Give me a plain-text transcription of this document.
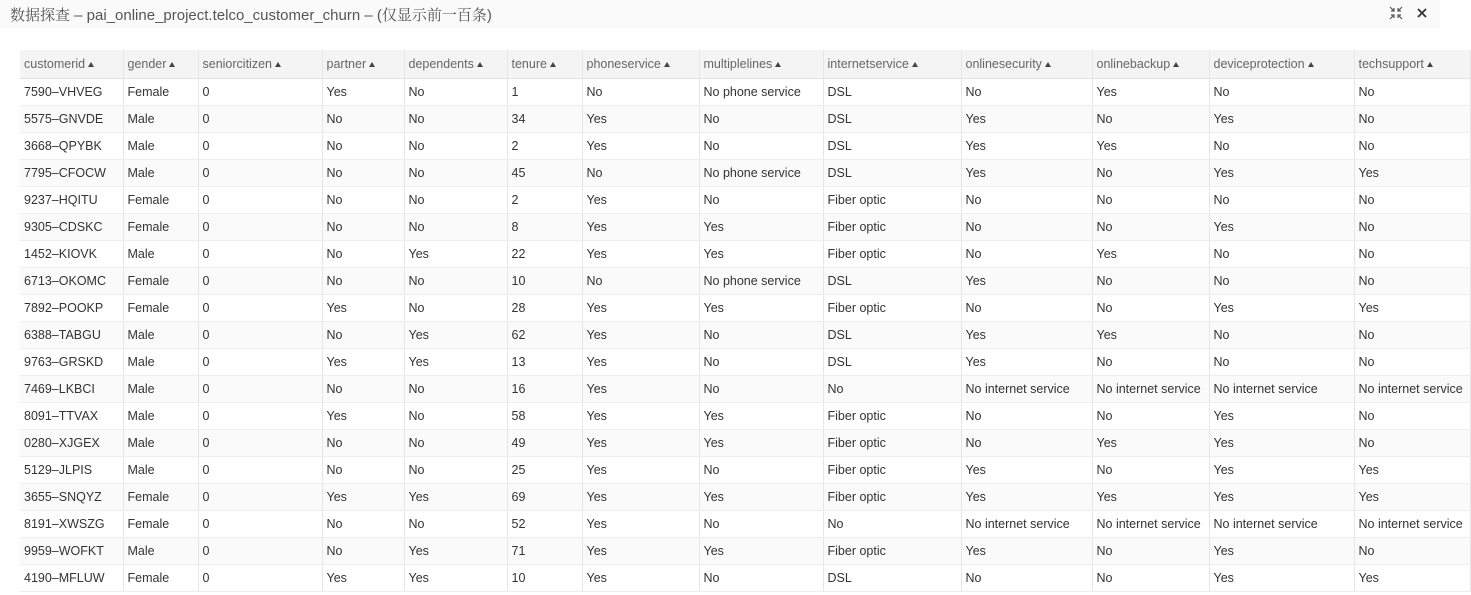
数据探查 – pai_online_project.telco_customer_churn – (仅显示前一百条)
customerid	gender	seniorcitizen	partner	dependents	tenure	phoneservice	multiplelines	internetservice	onlinesecurity	onlinebackup	deviceprotection	techsupport
7590–VHVEG	Female	0	Yes	No	1	No	No phone service	DSL	No	Yes	No	No
5575–GNVDE	Male	0	No	No	34	Yes	No	DSL	Yes	No	Yes	No
3668–QPYBK	Male	0	No	No	2	Yes	No	DSL	Yes	Yes	No	No
7795–CFOCW	Male	0	No	No	45	No	No phone service	DSL	Yes	No	Yes	Yes
9237–HQITU	Female	0	No	No	2	Yes	No	Fiber optic	No	No	No	No
9305–CDSKC	Female	0	No	No	8	Yes	Yes	Fiber optic	No	No	Yes	No
1452–KIOVK	Male	0	No	Yes	22	Yes	Yes	Fiber optic	No	Yes	No	No
6713–OKOMC	Female	0	No	No	10	No	No phone service	DSL	Yes	No	No	No
7892–POOKP	Female	0	Yes	No	28	Yes	Yes	Fiber optic	No	No	Yes	Yes
6388–TABGU	Male	0	No	Yes	62	Yes	No	DSL	Yes	Yes	No	No
9763–GRSKD	Male	0	Yes	Yes	13	Yes	No	DSL	Yes	No	No	No
7469–LKBCI	Male	0	No	No	16	Yes	No	No	No internet service	No internet service	No internet service	No internet service
8091–TTVAX	Male	0	Yes	No	58	Yes	Yes	Fiber optic	No	No	Yes	No
0280–XJGEX	Male	0	No	No	49	Yes	Yes	Fiber optic	No	Yes	Yes	No
5129–JLPIS	Male	0	No	No	25	Yes	No	Fiber optic	Yes	No	Yes	Yes
3655–SNQYZ	Female	0	Yes	Yes	69	Yes	Yes	Fiber optic	Yes	Yes	Yes	Yes
8191–XWSZG	Female	0	No	No	52	Yes	No	No	No internet service	No internet service	No internet service	No internet service
9959–WOFKT	Male	0	No	Yes	71	Yes	Yes	Fiber optic	Yes	No	Yes	No
4190–MFLUW	Female	0	Yes	Yes	10	Yes	No	DSL	No	No	Yes	Yes
